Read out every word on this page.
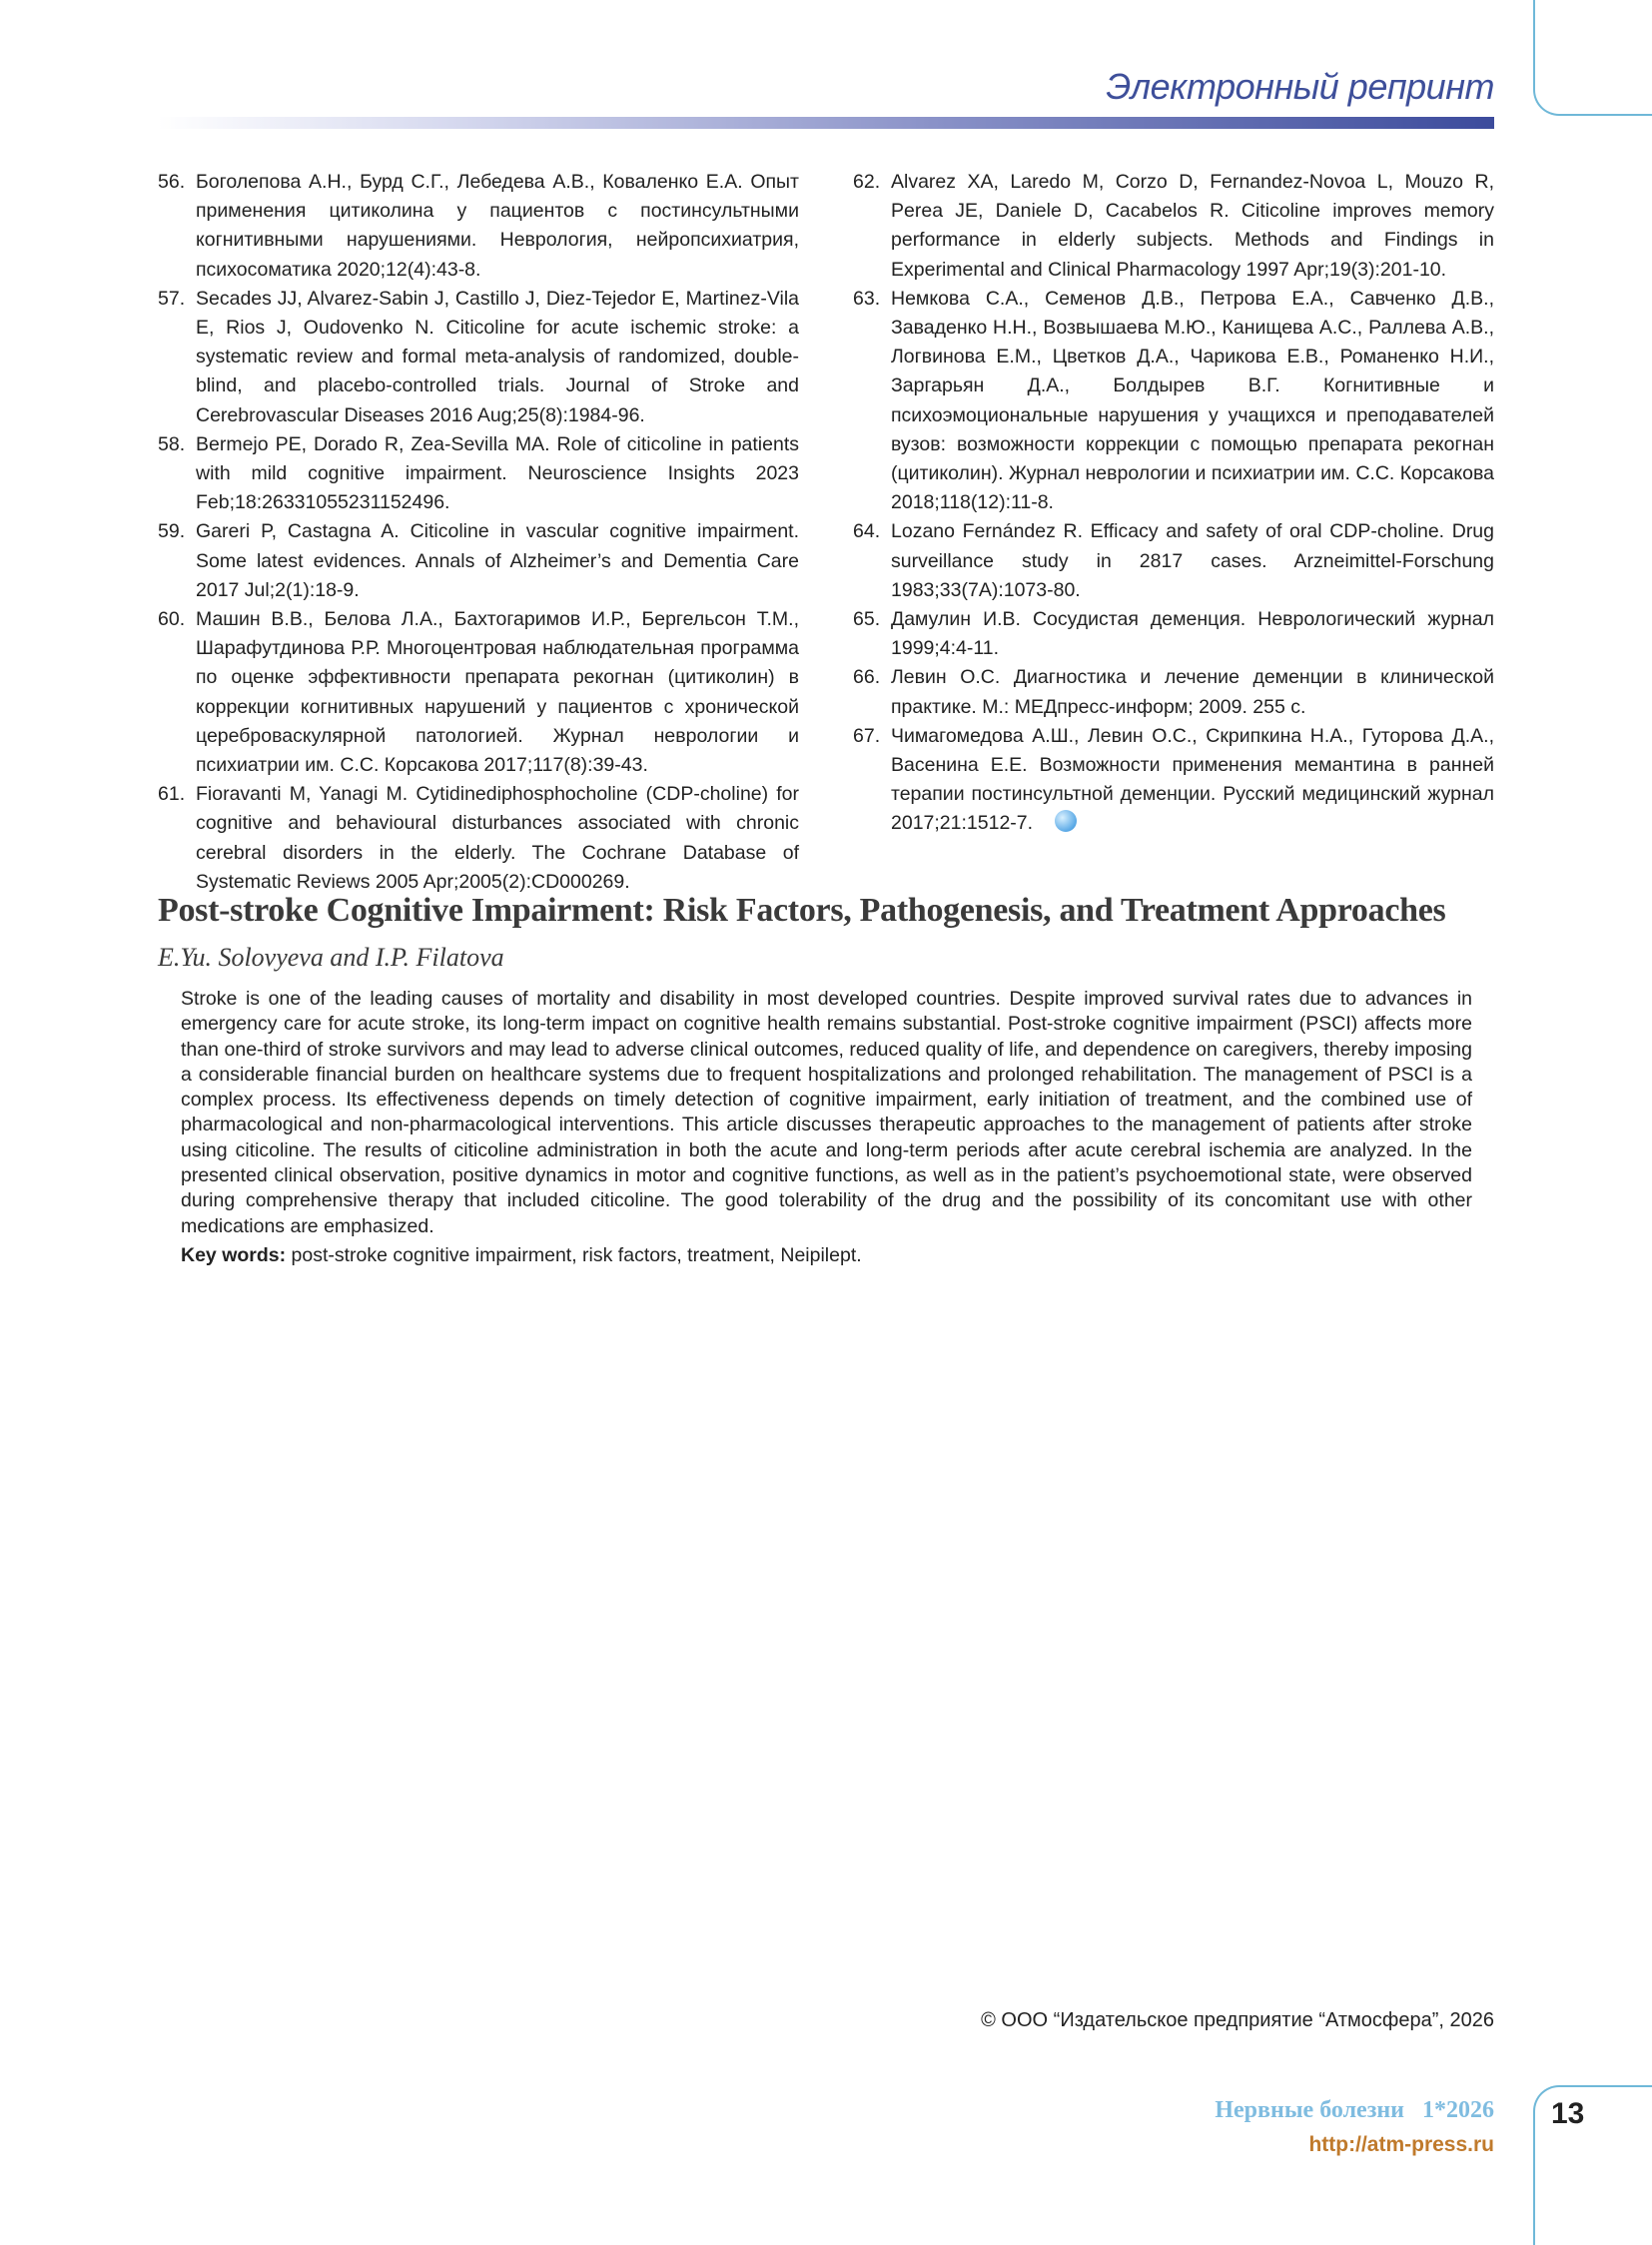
Электронный репринт
56. Боголепова А.Н., Бурд С.Г., Лебедева А.В., Коваленко Е.А. Опыт применения цитиколина у пациентов с постинсультными когнитивными нарушениями. Неврология, нейропсихиатрия, психосоматика 2020;12(4):43-8.
57. Secades JJ, Alvarez-Sabin J, Castillo J, Diez-Tejedor E, Martinez-Vila E, Rios J, Oudovenko N. Citicoline for acute ischemic stroke: a systematic review and formal meta-analysis of randomized, double-blind, and placebo-controlled trials. Journal of Stroke and Cerebrovascular Diseases 2016 Aug;25(8):1984-96.
58. Bermejo PE, Dorado R, Zea-Sevilla MA. Role of citicoline in patients with mild cognitive impairment. Neuroscience Insights 2023 Feb;18:26331055231152496.
59. Gareri P, Castagna A. Citicoline in vascular cognitive impairment. Some latest evidences. Annals of Alzheimer’s and Dementia Care 2017 Jul;2(1):18-9.
60. Машин В.В., Белова Л.А., Бахтогаримов И.Р., Бергельсон Т.М., Шарафутдинова Р.Р. Многоцентровая наблюдательная программа по оценке эффективности препарата рекогнан (цитиколин) в коррекции когнитивных нарушений у пациентов с хронической цереброваскулярной патологией. Журнал неврологии и психиатрии им. С.С. Корсакова 2017;117(8):39-43.
61. Fioravanti M, Yanagi M. Cytidinediphosphocholine (CDP-choline) for cognitive and behavioural disturbances associated with chronic cerebral disorders in the elderly. The Cochrane Database of Systematic Reviews 2005 Apr;2005(2):CD000269.
62. Alvarez XA, Laredo M, Corzo D, Fernandez-Novoa L, Mouzo R, Perea JE, Daniele D, Cacabelos R. Citicoline improves memory performance in elderly subjects. Methods and Findings in Experimental and Clinical Pharmacology 1997 Apr;19(3):201-10.
63. Немкова С.А., Семенов Д.В., Петрова Е.А., Савченко Д.В., Заваденко Н.Н., Возвышаева М.Ю., Канищева А.С., Раллева А.В., Логвинова Е.М., Цветков Д.А., Чарикова Е.В., Романенко Н.И., Заргарьян Д.А., Болдырев В.Г. Когнитивные и психоэмоциональные нарушения у учащихся и преподавателей вузов: возможности коррекции с помощью препарата рекогнан (цитиколин). Журнал неврологии и психиатрии им. С.С. Корсакова 2018;118(12):11-8.
64. Lozano Fernández R. Efficacy and safety of oral CDP-choline. Drug surveillance study in 2817 cases. Arzneimittel-Forschung 1983;33(7A):1073-80.
65. Дамулин И.В. Сосудистая деменция. Неврологический журнал 1999;4:4-11.
66. Левин О.С. Диагностика и лечение деменции в клинической практике. М.: МЕДпресс-информ; 2009. 255 с.
67. Чимагомедова А.Ш., Левин О.С., Скрипкина Н.А., Гуторова Д.А., Васенина Е.Е. Возможности применения мемантина в ранней терапии постинсультной деменции. Русский медицинский журнал 2017;21:1512-7.
Post-stroke Cognitive Impairment: Risk Factors, Pathogenesis, and Treatment Approaches

E.Yu. Solovyeva and I.P. Filatova

Stroke is one of the leading causes of mortality and disability in most developed countries. Despite improved survival rates due to advances in emergency care for acute stroke, its long-term impact on cognitive health remains substantial. Post-stroke cognitive impairment (PSCI) affects more than one-third of stroke survivors and may lead to adverse clinical outcomes, reduced quality of life, and dependence on caregivers, thereby imposing a considerable financial burden on healthcare systems due to frequent hospitalizations and prolonged rehabilitation. The management of PSCI is a complex process. Its effectiveness depends on timely detection of cognitive impairment, early initiation of treatment, and the combined use of pharmacological and non-pharmacological interventions. This article discusses therapeutic approaches to the management of patients after stroke using citicoline. The results of citicoline administration in both the acute and long-term periods after acute cerebral ischemia are analyzed. In the presented clinical observation, positive dynamics in motor and cognitive functions, as well as in the patient’s psychoemotional state, were observed during comprehensive therapy that included citicoline. The good tolerability of the drug and the possibility of its concomitant use with other medications are emphasized.

Key words: post-stroke cognitive impairment, risk factors, treatment, Neipilept.

© ООО “Издательское предприятие “Атмосфера”, 2026
Нервные болезни 1*2026
http://atm-press.ru
13
